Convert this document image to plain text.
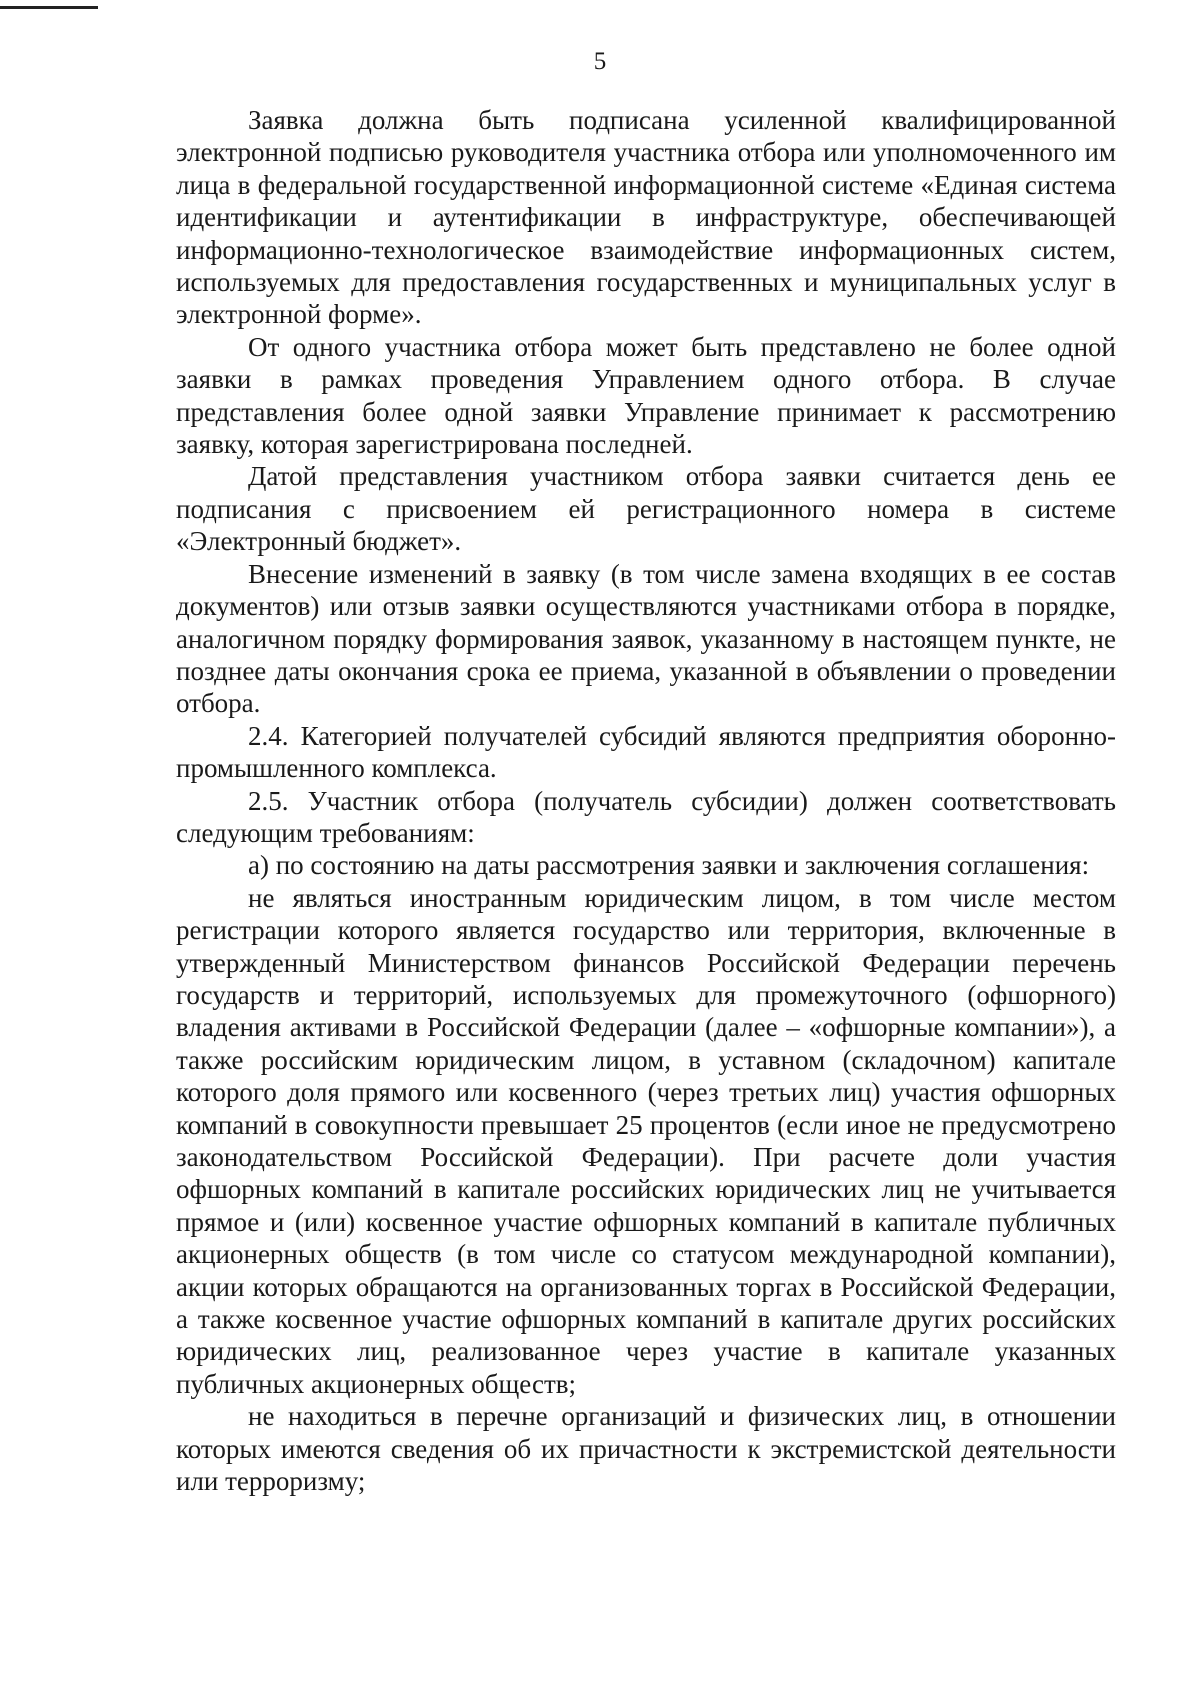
5

Заявка должна быть подписана усиленной квалифицированной электронной подписью руководителя участника отбора или уполномоченного им лица в федеральной государственной информационной системе «Единая система идентификации и аутентификации в инфраструктуре, обеспечивающей информационно-технологическое взаимодействие информационных систем, используемых для предоставления государственных и муниципальных услуг в электронной форме».

От одного участника отбора может быть представлено не более одной заявки в рамках проведения Управлением одного отбора. В случае представления более одной заявки Управление принимает к рассмотрению заявку, которая зарегистрирована последней.

Датой представления участником отбора заявки считается день ее подписания с присвоением ей регистрационного номера в системе «Электронный бюджет».

Внесение изменений в заявку (в том числе замена входящих в ее состав документов) или отзыв заявки осуществляются участниками отбора в порядке, аналогичном порядку формирования заявок, указанному в настоящем пункте, не позднее даты окончания срока ее приема, указанной в объявлении о проведении отбора.

2.4. Категорией получателей субсидий являются предприятия оборонно-промышленного комплекса.

2.5. Участник отбора (получатель субсидии) должен соответствовать следующим требованиям:

а) по состоянию на даты рассмотрения заявки и заключения соглашения:

не являться иностранным юридическим лицом, в том числе местом регистрации которого является государство или территория, включенные в утвержденный Министерством финансов Российской Федерации перечень государств и территорий, используемых для промежуточного (офшорного) владения активами в Российской Федерации (далее – «офшорные компании»), а также российским юридическим лицом, в уставном (складочном) капитале которого доля прямого или косвенного (через третьих лиц) участия офшорных компаний в совокупности превышает 25 процентов (если иное не предусмотрено законодательством Российской Федерации). При расчете доли участия офшорных компаний в капитале российских юридических лиц не учитывается прямое и (или) косвенное участие офшорных компаний в капитале публичных акционерных обществ (в том числе со статусом международной компании), акции которых обращаются на организованных торгах в Российской Федерации, а также косвенное участие офшорных компаний в капитале других российских юридических лиц, реализованное через участие в капитале указанных публичных акционерных обществ;

не находиться в перечне организаций и физических лиц, в отношении которых имеются сведения об их причастности к экстремистской деятельности или терроризму;
